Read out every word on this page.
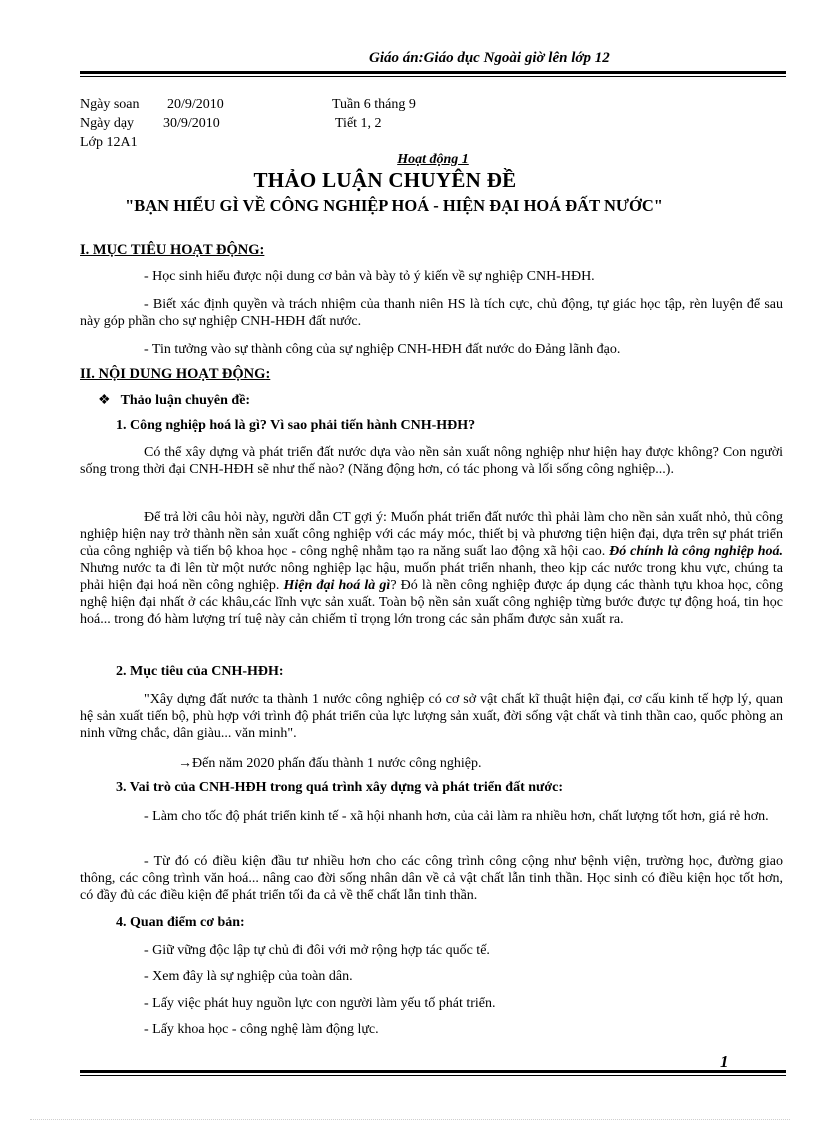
Giáo án:Giáo dục Ngoài giờ lên lớp 12
Ngày soan 20/9/2010	Tuần 6 tháng 9
Ngày dạy 30/9/2010	Tiết 1, 2
Lớp 12A1
Hoạt động 1
THẢO LUẬN CHUYÊN ĐỀ
"BẠN HIỂU GÌ VỀ CÔNG NGHIỆP HOÁ - HIỆN ĐẠI HOÁ ĐẤT NƯỚC"
I. MỤC TIÊU HOẠT ĐỘNG:
- Học sinh hiểu được nội dung cơ bản và bày tỏ ý kiến về sự nghiệp CNH-HĐH.
- Biết xác định quyền và trách nhiệm của thanh niên HS là tích cực, chủ động, tự giác học tập, rèn luyện để sau này góp phần cho sự nghiệp CNH-HĐH đất nước.
- Tin tưởng vào sự thành công của sự nghiệp CNH-HĐH đất nước do Đảng lãnh đạo.
II. NỘI DUNG HOẠT ĐỘNG:
❖ Thảo luận chuyên đề:
1. Công nghiệp hoá là gì? Vì sao phải tiến hành CNH-HĐH?
Có thể xây dựng và phát triển đất nước dựa vào nền sản xuất nông nghiệp như hiện hay được không? Con người sống trong thời đại CNH-HĐH sẽ như thế nào? (Năng động hơn, có tác phong và lối sống công nghiệp...).
Để trả lời câu hỏi này, người dẫn CT gợi ý: Muốn phát triển đất nước thì phải làm cho nền sản xuất nhỏ, thủ công nghiệp hiện nay trở thành nền sản xuất công nghiệp với các máy móc, thiết bị và phương tiện hiện đại, dựa trên sự phát triển của công nghiệp và tiến bộ khoa học - công nghệ nhằm tạo ra năng suất lao động xã hội cao. Đó chính là công nghiệp hoá. Nhưng nước ta đi lên từ một nước nông nghiệp lạc hậu, muốn phát triển nhanh, theo kịp các nước trong khu vực, chúng ta phải hiện đại hoá nền công nghiệp. Hiện đại hoá là gì? Đó là nền công nghiệp được áp dụng các thành tựu khoa học, công nghệ hiện đại nhất ở các khâu,các lĩnh vực sản xuất. Toàn bộ nền sản xuất công nghiệp từng bước được tự động hoá, tin học hoá... trong đó hàm lượng trí tuệ này cản chiếm tỉ trọng lớn trong các sản phẩm được sản xuất ra.
2. Mục tiêu của CNH-HĐH:
"Xây dựng đất nước ta thành 1 nước công nghiệp có cơ sở vật chất kĩ thuật hiện đại, cơ cấu kinh tế hợp lý, quan hệ sản xuất tiến bộ, phù hợp với trình độ phát triển của lực lượng sản xuất, đời sống vật chất và tinh thần cao, quốc phòng an ninh vững chắc, dân giàu... văn minh".
→Đến năm 2020 phấn đấu thành 1 nước công nghiệp.
3. Vai trò của CNH-HĐH trong quá trình xây dựng và phát triển đất nước:
- Làm cho tốc độ phát triển kinh tế - xã hội nhanh hơn, của cải làm ra nhiều hơn, chất lượng tốt hơn, giá rẻ hơn.
- Từ đó có điều kiện đầu tư nhiều hơn cho các công trình công cộng như bệnh viện, trường học, đường giao thông, các công trình văn hoá... nâng cao đời sống nhân dân về cả vật chất lẫn tinh thần. Học sinh có điều kiện học tốt hơn, có đầy đủ các điều kiện để phát triển tối đa cả về thể chất lẫn tinh thần.
4. Quan điểm cơ bản:
- Giữ vững độc lập tự chủ đi đôi với mở rộng hợp tác quốc tế.
- Xem đây là sự nghiệp của toàn dân.
- Lấy việc phát huy nguồn lực con người làm yếu tố phát triển.
- Lấy khoa học - công nghệ làm động lực.
1
